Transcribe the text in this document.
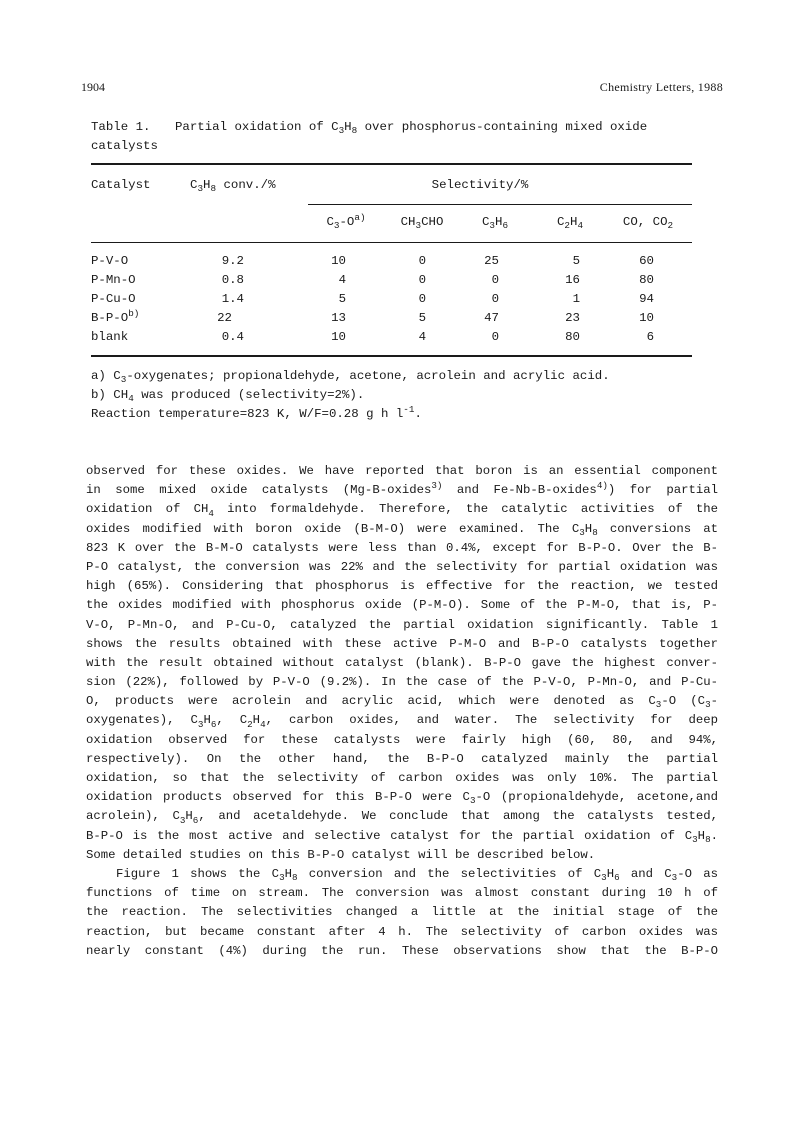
1904	Chemistry Letters, 1988
Table 1. Partial oxidation of $C_3H_8$ over phosphorus-containing mixed oxide
catalysts
Catalyst	$C_3H_8$ conv./%	Selectivity/%
$C_3-O^{a)}$	$CH_3CHO$	$C_3H_6$	$C_2H_4$	CO, $CO_2$
P-V-O	9.2	10	0	25	5	60
P-Mn-O	0.8	4	0	0	16	80
P-Cu-O	1.4	5	0	0	1	94
$B-P-O^{b)}$	22	13	5	47	23	10
blank	0.4	10	4	0	80	6
a) $C_3$-oxygenates; propionaldehyde, acetone, acrolein and acrylic acid.
b) $CH_4$ was produced (selectivity=2%).
Reaction temperature=823 K, W/F=0.28 g h $l^{-1}$.
observed for these oxides. We have reported that boron is an essential component
in some mixed oxide catalysts (Mg-B-oxides$^{3)}$ and Fe-Nb-B-oxides$^{4)}$) for partial
oxidation of $CH_4$ into formaldehyde. Therefore, the catalytic activities of the
oxides modified with boron oxide (B-M-O) were examined. The $C_3H_8$ conversions at
823 K over the B-M-O catalysts were less than 0.4%, except for B-P-O. Over the B-
P-O catalyst, the conversion was 22% and the selectivity for partial oxidation was
high (65%). Considering that phosphorus is effective for the reaction, we tested
the oxides modified with phosphorus oxide (P-M-O). Some of the P-M-O, that is, P-
V-O, P-Mn-O, and P-Cu-O, catalyzed the partial oxidation significantly. Table 1
shows the results obtained with these active P-M-O and B-P-O catalysts together
with the result obtained without catalyst (blank). B-P-O gave the highest conver-
sion (22%), followed by P-V-O (9.2%). In the case of the P-V-O, P-Mn-O, and P-Cu-
O, products were acrolein and acrylic acid, which were denoted as $C_3-O$ ($C_3-$
oxygenates), $C_3H_6$, $C_2H_4$, carbon oxides, and water. The selectivity for deep
oxidation observed for these catalysts were fairly high (60, 80, and 94%,
respectively). On the other hand, the B-P-O catalyzed mainly the partial
oxidation, so that the selectivity of carbon oxides was only 10%. The partial
oxidation products observed for this B-P-O were $C_3-O$ (propionaldehyde, acetone,and
acrolein), $C_3H_6$, and acetaldehyde. We conclude that among the catalysts tested,
B-P-O is the most active and selective catalyst for the partial oxidation of $C_3H_8$.
Some detailed studies on this B-P-O catalyst will be described below.
Figure 1 shows the $C_3H_8$ conversion and the selectivities of $C_3H_6$ and $C_3-O$ as
functions of time on stream. The conversion was almost constant during 10 h of
the reaction. The selectivities changed a little at the initial stage of the
reaction, but became constant after 4 h. The selectivity of carbon oxides was
nearly constant (4%) during the run. These observations show that the B-P-O
